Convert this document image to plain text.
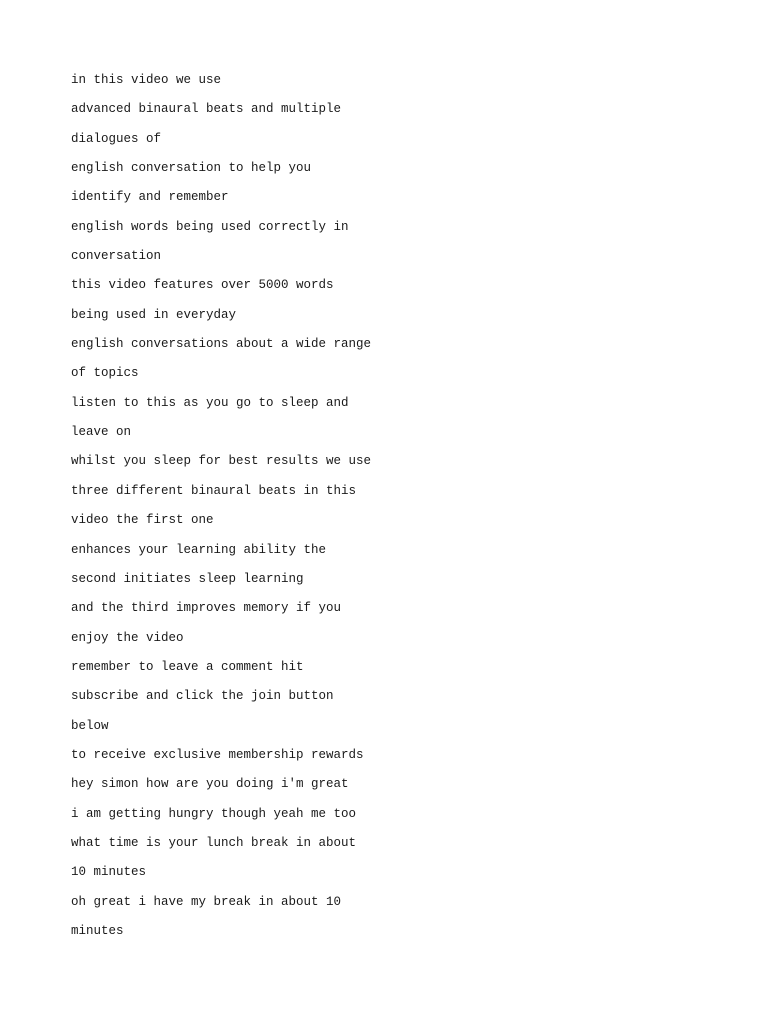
in this video we use
advanced binaural beats and multiple
dialogues of
english conversation to help you
identify and remember
english words being used correctly in
conversation
this video features over 5000 words
being used in everyday
english conversations about a wide range
of topics
listen to this as you go to sleep and
leave on
whilst you sleep for best results we use
three different binaural beats in this
video the first one
enhances your learning ability the
second initiates sleep learning
and the third improves memory if you
enjoy the video
remember to leave a comment hit
subscribe and click the join button
below
to receive exclusive membership rewards
hey simon how are you doing i'm great
i am getting hungry though yeah me too
what time is your lunch break in about
10 minutes
oh great i have my break in about 10
minutes
